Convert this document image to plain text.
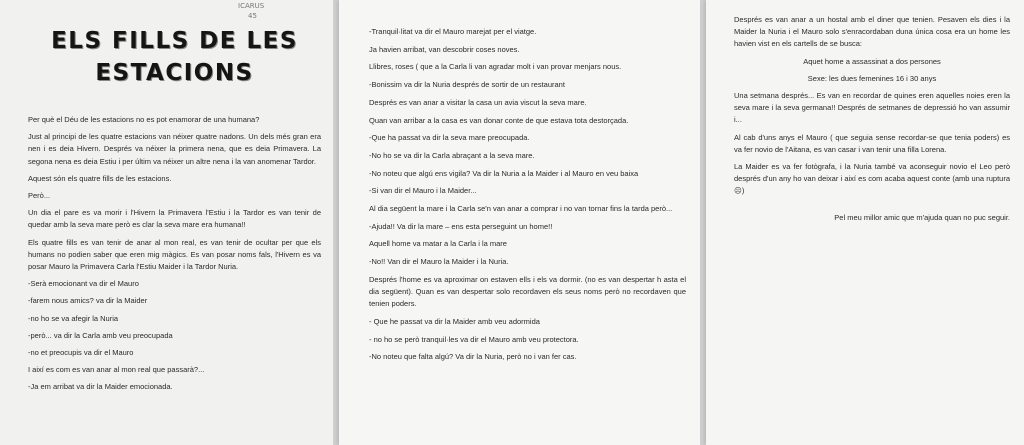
ICARUS
45
ELS FILLS DE LES
ESTACIONS

Per què el Déu de les estacions no es pot enamorar de una humana?

Just al principi de les quatre estacions van néixer quatre nadons. Un dels més gran era nen i es deia Hivern. Després va néixer la primera nena, que es deia Primavera. La segona nena es deia Estiu i per últim va néixer un altre nena i la van anomenar Tardor.

Aquest són els quatre fills de les estacions.

Però...

Un dia el pare es va morir i l'Hivern la Primavera l'Estiu i la Tardor es van tenir de quedar amb la seva mare però es clar la seva mare era humana!!

Els quatre fills es van tenir de anar al mon real, es van tenir de ocultar per que els humans no podien saber que eren mig màgics. Es van posar noms fals, l'Hivern es va posar Mauro la Primavera Carla l'Estiu Maider i la Tardor Nuria.

-Serà emocionant va dir el Mauro

-farem nous amics? va dir la Maider

-no ho se va afegir la Nuria

-però... va dir la Carla amb veu preocupada

-no et preocupis va dir el Mauro

I així es com es van anar al mon real que passarà?...

-Ja em arribat va dir la Maider emocionada.

-Tranquil·litat va dir el Mauro marejat per el viatge.

Ja havien arribat, van descobrir coses noves.

Llibres, roses ( que a la Carla li van agradar molt i van provar menjars nous.

-Bonissim va dir la Nuria després de sortir de un restaurant

Després es van anar a visitar la casa un avia viscut la seva mare.

Quan van arribar a la casa es van donar conte de que estava tota destorçada.

-Que ha passat va dir la seva mare preocupada.

-No ho se va dir la Carla abraçant a la seva mare.

-No noteu que algú ens vigila? Va dir la Nuria a la Maider i al Mauro en veu baixa

-Si van dir el Mauro i la Maider...

Al dia següent la mare i la Carla se'n van anar a comprar i no van tornar fins la tarda però...

-Ajuda!! Va dir la mare – ens esta perseguint un home!!

Aquell home va matar a la Carla i la mare

-No!! Van dir el Mauro la Maider i la Nuria.

Després l'home es va aproximar on estaven ells i els va dormir. (no es van despertar h asta el dia següent). Quan es van despertar solo recordaven els seus noms però no recordaven que tenien poders.

- Que he passat va dir la Maider amb veu adormida

- no ho se però tranquil·les va dir el Mauro amb veu protectora.

-No noteu que falta algú? Va dir la Nuria, però no i van fer cas.

Després es van anar a un hostal amb el diner que tenien. Pesaven els dies i la Maider la Nuria i el Mauro solo s'enracordaban duna única cosa era un home les havien vist en els cartells de se busca:

Aquet home a assassinat a dos persones

Sexe: les dues femenines 16 i 30 anys

Una setmana després... Es van en recordar de quines eren aquelles noies eren la seva mare i la seva germana!! Després de setmanes de depressió ho van assumir i...

Al cab d'uns anys el Mauro ( que seguia sense recordar-se que tenia poders) es va fer novio de l'Aitana, es van casar i van tenir una filla Lorena.

La Maider es va fer fotògrafa, i la Nuria també va aconseguir novio el Leo però després d'un any ho van deixar i així es com acaba aquest conte (amb una ruptura☹)

Pel meu millor amic que m'ajuda quan no puc seguir.
